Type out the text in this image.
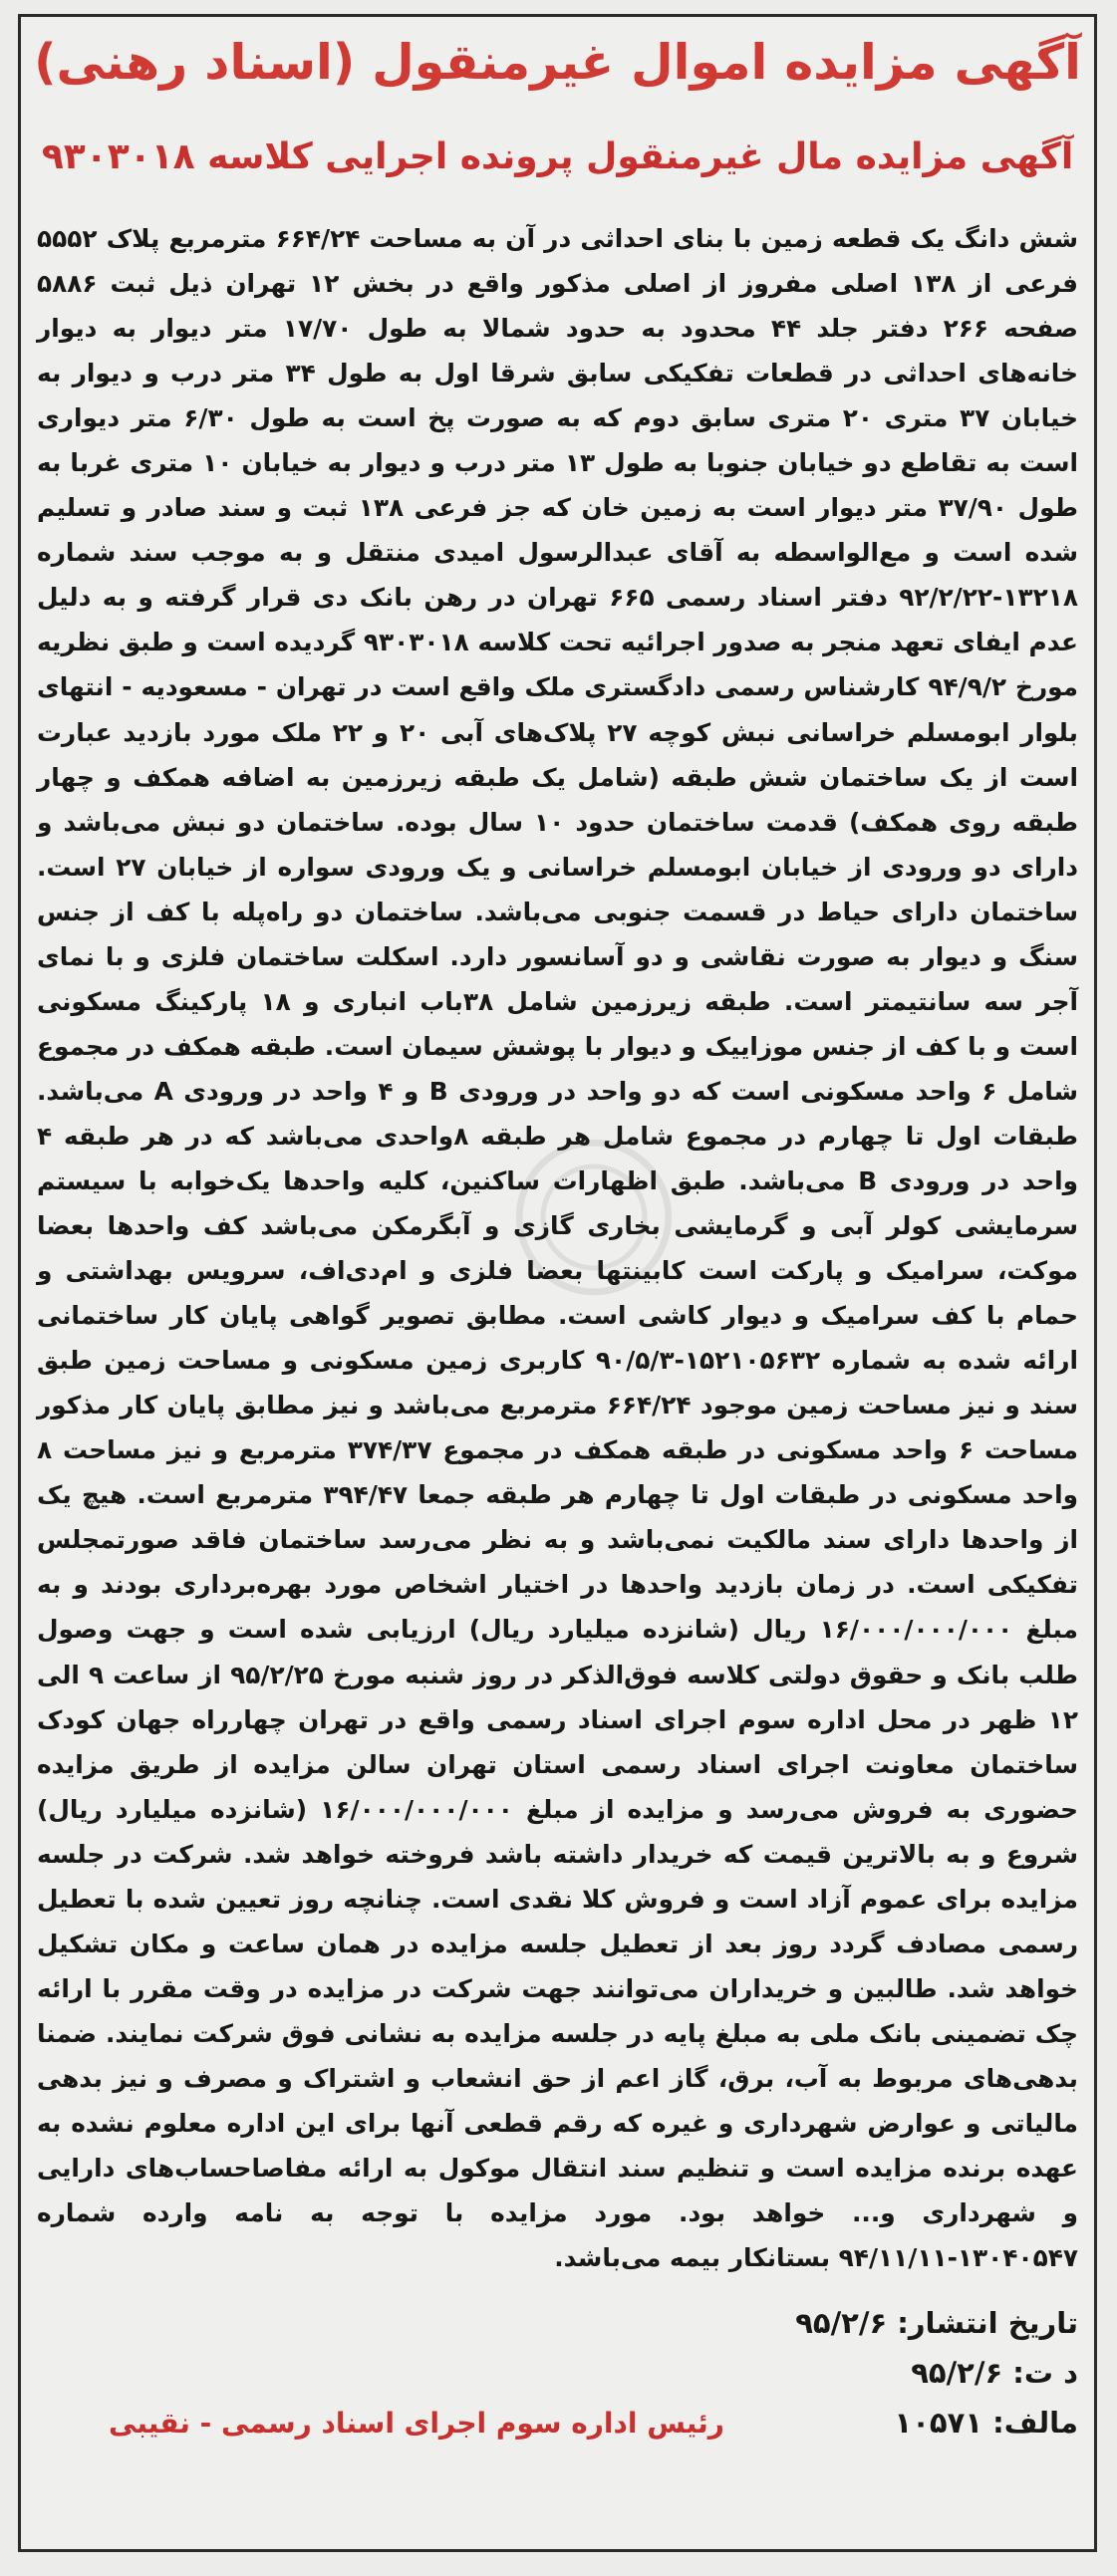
آگهی مزایده اموال غیرمنقول (اسناد رهنی)
آگهی مزایده مال غیرمنقول پرونده اجرایی کلاسه ۹۳۰۳۰۱۸

شش دانگ یک قطعه زمین با بنای احداثی در آن به مساحت ۶۶۴/۲۴ مترمربع پلاک ۵۵۵۲ فرعی از ۱۳۸ اصلی مفروز از اصلی مذکور واقع در بخش ۱۲ تهران ذیل ثبت ۵۸۸۶ صفحه ۲۶۶ دفتر جلد ۴۴ محدود به حدود شمالا به طول ۱۷/۷۰ متر دیوار به دیوار خانه‌های احداثی در قطعات تفکیکی سابق شرقا اول به طول ۳۴ متر درب و دیوار به خیابان ۳۷ متری ۲۰ متری سابق دوم که به صورت پخ است به طول ۶/۳۰ متر دیواری است به تقاطع دو خیابان جنوبا به طول ۱۳ متر درب و دیوار به خیابان ۱۰ متری غربا به طول ۳۷/۹۰ متر دیوار است به زمین خان که جز فرعی ۱۳۸ ثبت و سند صادر و تسلیم شده است و مع‌الواسطه به آقای عبدالرسول امیدی منتقل و به موجب سند شماره ۱۳۲۱۸-۹۲/۲/۲۲ دفتر اسناد رسمی ۶۶۵ تهران در رهن بانک دی قرار گرفته و به دلیل عدم ایفای تعهد منجر به صدور اجرائیه تحت کلاسه ۹۳۰۳۰۱۸ گردیده است و طبق نظریه مورخ ۹۴/۹/۲ کارشناس رسمی دادگستری ملک واقع است در تهران - مسعودیه - انتهای بلوار ابومسلم خراسانی نبش کوچه ۲۷ پلاک‌های آبی ۲۰ و ۲۲ ملک مورد بازدید عبارت است از یک ساختمان شش طبقه (شامل یک طبقه زیرزمین به اضافه همکف و چهار طبقه روی همکف) قدمت ساختمان حدود ۱۰ سال بوده. ساختمان دو نبش می‌باشد و دارای دو ورودی از خیابان ابومسلم خراسانی و یک ورودی سواره از خیابان ۲۷ است. ساختمان دارای حیاط در قسمت جنوبی می‌باشد. ساختمان دو راه‌پله با کف از جنس سنگ و دیوار به صورت نقاشی و دو آسانسور دارد. اسکلت ساختمان فلزی و با نمای آجر سه سانتیمتر است. طبقه زیرزمین شامل ۳۸باب انباری و ۱۸ پارکینگ مسکونی است و با کف از جنس موزاییک و دیوار با پوشش سیمان است. طبقه همکف در مجموع شامل ۶ واحد مسکونی است که دو واحد در ورودی B و ۴ واحد در ورودی A می‌باشد. طبقات اول تا چهارم در مجموع شامل هر طبقه ۸واحدی می‌باشد که در هر طبقه ۴ واحد در ورودی B می‌باشد. طبق اظهارات ساکنین، کلیه واحدها یک‌خوابه با سیستم سرمایشی کولر آبی و گرمایشی بخاری گازی و آبگرمکن می‌باشد کف واحدها بعضا موکت، سرامیک و پارکت است کابینتها بعضا فلزی و ام‌دی‌اف، سرویس بهداشتی و حمام با کف سرامیک و دیوار کاشی است. مطابق تصویر گواهی پایان کار ساختمانی ارائه شده به شماره ۱۵۲۱۰۵۶۳۲-۹۰/۵/۳ کاربری زمین مسکونی و مساحت زمین طبق سند و نیز مساحت زمین موجود ۶۶۴/۲۴ مترمربع می‌باشد و نیز مطابق پایان کار مذکور مساحت ۶ واحد مسکونی در طبقه همکف در مجموع ۳۷۴/۳۷ مترمربع و نیز مساحت ۸ واحد مسکونی در طبقات اول تا چهارم هر طبقه جمعا ۳۹۴/۴۷ مترمربع است. هیچ یک از واحدها دارای سند مالکیت نمی‌باشد و به نظر می‌رسد ساختمان فاقد صورتمجلس تفکیکی است. در زمان بازدید واحدها در اختیار اشخاص مورد بهره‌برداری بودند و به مبلغ ۱۶/۰۰۰/۰۰۰/۰۰۰ ریال (شانزده میلیارد ریال) ارزیابی شده است و جهت وصول طلب بانک و حقوق دولتی کلاسه فوق‌الذکر در روز شنبه مورخ ۹۵/۲/۲۵ از ساعت ۹ الی ۱۲ ظهر در محل اداره سوم اجرای اسناد رسمی واقع در تهران چهارراه جهان کودک ساختمان معاونت اجرای اسناد رسمی استان تهران سالن مزایده از طریق مزایده حضوری به فروش می‌رسد و مزایده از مبلغ ۱۶/۰۰۰/۰۰۰/۰۰۰ (شانزده میلیارد ریال) شروع و به بالاترین قیمت که خریدار داشته باشد فروخته خواهد شد. شرکت در جلسه مزایده برای عموم آزاد است و فروش کلا نقدی است. چنانچه روز تعیین شده با تعطیل رسمی مصادف گردد روز بعد از تعطیل جلسه مزایده در همان ساعت و مکان تشکیل خواهد شد. طالبین و خریداران می‌توانند جهت شرکت در مزایده در وقت مقرر با ارائه چک تضمینی بانک ملی به مبلغ پایه در جلسه مزایده به نشانی فوق شرکت نمایند. ضمنا بدهی‌های مربوط به آب، برق، گاز اعم از حق انشعاب و اشتراک و مصرف و نیز بدهی مالیاتی و عوارض شهرداری و غیره که رقم قطعی آنها برای این اداره معلوم نشده به عهده برنده مزایده است و تنظیم سند انتقال موکول به ارائه مفاصاحساب‌های دارایی و شهرداری و... خواهد بود. مورد مزایده با توجه به نامه وارده شماره ۱۳۰۴۰۵۴۷-۹۴/۱۱/۱۱ بستانکار بیمه می‌باشد.

تاریخ انتشار: ۹۵/۲/۶
د ت: ۹۵/۲/۶
مالف: ۱۰۵۷۱
رئیس اداره سوم اجرای اسناد رسمی - نقیبی
